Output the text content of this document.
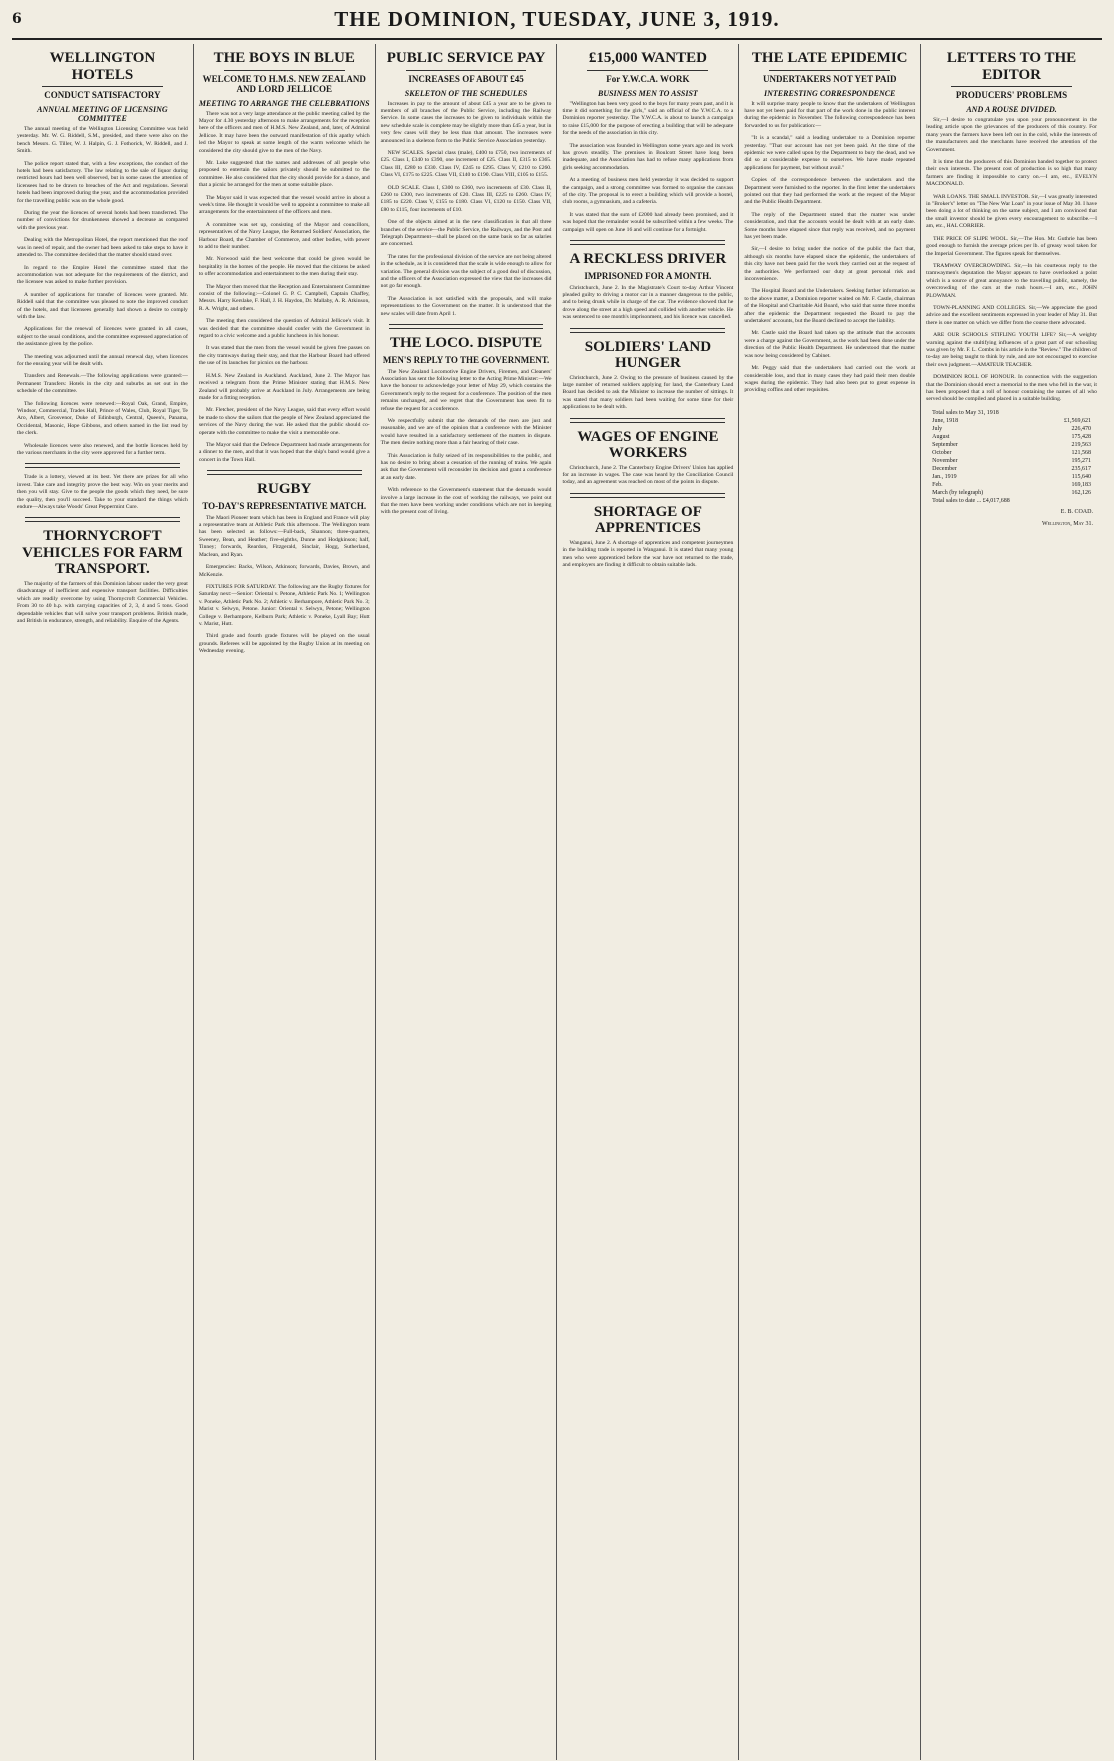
6	THE DOMINION, TUESDAY, JUNE 3, 1919.
WELLINGTON HOTELS
CONDUCT SATISFACTORY
ANNUAL MEETING OF LICENSING COMMITTEE

The annual meeting of the Wellington Licensing Committee was held yesterday. Mr. W. G. Riddell, S.M., presided, and there were also on the bench Messrs. G. Tiller, W. J. Halpin, G. J. Fothorick, W. Riddell, and J. Smith.

The police report stated that, with a few exceptions, the conduct of the hotels had been satisfactory. The law relating to the sale of liquor during restricted hours had been well observed, but in some cases the attention of licensees had to be drawn to breaches of the Act and regulations. Several hotels had been improved during the year, and the accommodation provided for the travelling public was on the whole good.

During the year the licences of several hotels had been transferred. The number of convictions for drunkenness showed a decrease as compared with the previous year.

Dealing with the Metropolitan Hotel, the report mentioned that the roof was in need of repair, and the owner had been asked to take steps to have it attended to. The committee decided that the matter should stand over.

In regard to the Empire Hotel the committee stated that the accommodation was not adequate for the requirements of the district, and the licensee was asked to make further provision.

A number of applications for transfer of licences were granted. Mr. Riddell said that the committee was pleased to note the improved conduct of the hotels, and that licensees generally had shown a desire to comply with the law.

Applications for the renewal of licences were granted in all cases, subject to the usual conditions, and the committee expressed appreciation of the assistance given by the police.

The meeting was adjourned until the annual renewal day, when licences for the ensuing year will be dealt with.

Transfers and Renewals.—The following applications were granted:—Permanent Transfers: Hotels in the city and suburbs as set out in the schedule of the committee.

The following licences were renewed:—Royal Oak, Grand, Empire, Windsor, Commercial, Trades Hall, Prince of Wales, Club, Royal Tiger, Te Aro, Albert, Grosvenor, Duke of Edinburgh, Central, Queen's, Panama, Occidental, Masonic, Hope Gibbons, and others named in the list read by the clerk.

Wholesale licences were also renewed, and the bottle licences held by the various merchants in the city were approved for a further term.

Trade is a lottery, viewed at its best. Yet there are prizes for all who invest. Take care and integrity prove the best way. Win on your merits and then you will stay. Give to the people the goods which they need, be sure the quality, then you'll succeed. Take to your standard the things which endure—Always take Woods' Great Peppermint Cure.

THORNYCROFT VEHICLES FOR FARM TRANSPORT.

The majority of the farmers of this Dominion labour under the very great disadvantage of inefficient and expensive transport facilities. Difficulties which are readily overcome by using Thornycroft Commercial Vehicles. From 30 to 40 h.p. with carrying capacities of 2, 3, 4 and 5 tons. Good dependable vehicles that will solve your transport problems. British made, and British in endurance, strength, and reliability. Enquire of the Agents.

THE BOYS IN BLUE
WELCOME TO H.M.S. NEW ZEALAND AND LORD JELLICOE
MEETING TO ARRANGE THE CELEBRATIONS

There was not a very large attendance at the public meeting called by the Mayor for 4.30 yesterday afternoon to make arrangements for the reception here of the officers and men of H.M.S. New Zealand, and, later, of Admiral Jellicoe. It may have been the outward manifestation of this apathy which led the Mayor to speak at some length of the warm welcome which he considered the city should give to the men of the Navy.

Mr. Luke suggested that the names and addresses of all people who proposed to entertain the sailors privately should be submitted to the committee. He also considered that the city should provide for a dance, and that a picnic be arranged for the men at some suitable place.

The Mayor said it was expected that the vessel would arrive in about a week's time. He thought it would be well to appoint a committee to make all arrangements for the entertainment of the officers and men.

A committee was set up, consisting of the Mayor and councillors, representatives of the Navy League, the Returned Soldiers' Association, the Harbour Board, the Chamber of Commerce, and other bodies, with power to add to their number.

Mr. Norwood said the best welcome that could be given would be hospitality in the homes of the people. He moved that the citizens be asked to offer accommodation and entertainment to the men during their stay.

The Mayor then moved that the Reception and Entertainment Committee consist of the following:—Colonel G. P. C. Campbell, Captain Chaffey, Messrs. Harry Kerslake, F. Hall, J. H. Haydon, Dr. Mallaby, A. R. Atkinson, R. A. Wright, and others.

The meeting then considered the question of Admiral Jellicoe's visit. It was decided that the committee should confer with the Government in regard to a civic welcome and a public luncheon in his honour.

It was stated that the men from the vessel would be given free passes on the city tramways during their stay, and that the Harbour Board had offered the use of its launches for picnics on the harbour.

H.M.S. New Zealand in Auckland. Auckland, June 2. The Mayor has received a telegram from the Prime Minister stating that H.M.S. New Zealand will probably arrive at Auckland in July. Arrangements are being made for a fitting reception.

Mr. Fletcher, president of the Navy League, said that every effort would be made to show the sailors that the people of New Zealand appreciated the services of the Navy during the war. He asked that the public should co-operate with the committee to make the visit a memorable one.

The Mayor said that the Defence Department had made arrangements for a dinner to the men, and that it was hoped that the ship's band would give a concert in the Town Hall.

RUGBY
TO-DAY'S REPRESENTATIVE MATCH.

The Maori Pioneer team which has been in England and France will play a representative team at Athletic Park this afternoon. The Wellington team has been selected as follows:—Full-back, Shannon; three-quarters, Sweeney, Bean, and Heather; five-eighths, Dunne and Hodgkinson; half, Tinney; forwards, Reardon, Fitzgerald, Sinclair, Hogg, Sutherland, Maclean, and Ryan.

Emergencies: Backs, Wilson, Atkinson; forwards, Davies, Brown, and McKenzie.

FIXTURES FOR SATURDAY. The following are the Rugby fixtures for Saturday next:—Senior: Oriental v. Petone, Athletic Park No. 1; Wellington v. Poneke, Athletic Park No. 2; Athletic v. Berhampore, Athletic Park No. 3; Marist v. Selwyn, Petone. Junior: Oriental v. Selwyn, Petone; Wellington College v. Berhampore, Kelburn Park; Athletic v. Poneke, Lyall Bay; Hutt v. Marist, Hutt.

Third grade and fourth grade fixtures will be played on the usual grounds. Referees will be appointed by the Rugby Union at its meeting on Wednesday evening.

PUBLIC SERVICE PAY
INCREASES OF ABOUT £45
SKELETON OF THE SCHEDULES

Increases in pay to the amount of about £45 a year are to be given to members of all branches of the Public Service, including the Railway Service. In some cases the increases to be given to individuals within the new schedule scale is complete may be slightly more than £45 a year, but in very few cases will they be less than that amount. The increases were announced in a skeleton form to the Public Service Association yesterday.

NEW SCALES. Special class (male), £400 to £750, two increments of £25. Class I, £340 to £390, one increment of £25. Class II, £315 to £365. Class III, £280 to £330. Class IV, £245 to £295. Class V, £210 to £260. Class VI, £175 to £225. Class VII, £140 to £190. Class VIII, £105 to £155.

OLD SCALE. Class I, £300 to £360, two increments of £30. Class II, £260 to £300, two increments of £20. Class III, £225 to £260. Class IV, £185 to £220. Class V, £155 to £180. Class VI, £120 to £150. Class VII, £80 to £115, four increments of £10.

One of the objects aimed at in the new classification is that all three branches of the service—the Public Service, the Railways, and the Post and Telegraph Department—shall be placed on the same basis so far as salaries are concerned.

The rates for the professional division of the service are not being altered in the schedule, as it is considered that the scale is wide enough to allow for variation. The general division was the subject of a good deal of discussion, and the officers of the Association expressed the view that the increases did not go far enough.

The Association is not satisfied with the proposals, and will make representations to the Government on the matter. It is understood that the new scales will date from April 1.

THE LOCO. DISPUTE
MEN'S REPLY TO THE GOVERNMENT.

The New Zealand Locomotive Engine Drivers, Firemen, and Cleaners' Association has sent the following letter to the Acting Prime Minister:—We have the honour to acknowledge your letter of May 29, which contains the Government's reply to the request for a conference. The position of the men remains unchanged, and we regret that the Government has seen fit to refuse the request for a conference.

We respectfully submit that the demands of the men are just and reasonable, and we are of the opinion that a conference with the Minister would have resulted in a satisfactory settlement of the matters in dispute. The men desire nothing more than a fair hearing of their case.

This Association is fully seized of its responsibilities to the public, and has no desire to bring about a cessation of the running of trains. We again ask that the Government will reconsider its decision and grant a conference at an early date.

With reference to the Government's statement that the demands would involve a large increase in the cost of working the railways, we point out that the men have been working under conditions which are not in keeping with the present cost of living.

£15,000 WANTED
For Y.W.C.A. WORK
BUSINESS MEN TO ASSIST

"Wellington has been very good to the boys for many years past, and it is time it did something for the girls," said an official of the Y.W.C.A. to a Dominion reporter yesterday. The Y.W.C.A. is about to launch a campaign to raise £15,000 for the purpose of erecting a building that will be adequate for the needs of the association in this city.

The association was founded in Wellington some years ago and its work has grown steadily. The premises in Boulcott Street have long been inadequate, and the Association has had to refuse many applications from girls seeking accommodation.

At a meeting of business men held yesterday it was decided to support the campaign, and a strong committee was formed to organise the canvass of the city. The proposal is to erect a building which will provide a hostel, club rooms, a gymnasium, and a cafeteria.

It was stated that the sum of £2000 had already been promised, and it was hoped that the remainder would be subscribed within a few weeks. The campaign will open on June 16 and will continue for a fortnight.

A RECKLESS DRIVER
IMPRISONED FOR A MONTH.

Christchurch, June 2. In the Magistrate's Court to-day Arthur Vincent pleaded guilty to driving a motor car in a manner dangerous to the public, and to being drunk while in charge of the car. The evidence showed that he drove along the street at a high speed and collided with another vehicle. He was sentenced to one month's imprisonment, and his licence was cancelled.

SOLDIERS' LAND HUNGER

Christchurch, June 2. Owing to the pressure of business caused by the large number of returned soldiers applying for land, the Canterbury Land Board has decided to ask the Minister to increase the number of sittings. It was stated that many soldiers had been waiting for some time for their applications to be dealt with.

WAGES OF ENGINE WORKERS

Christchurch, June 2. The Canterbury Engine Drivers' Union has applied for an increase in wages. The case was heard by the Conciliation Council today, and an agreement was reached on most of the points in dispute.

SHORTAGE OF APPRENTICES

Wanganui, June 2. A shortage of apprentices and competent journeymen in the building trade is reported in Wanganui. It is stated that many young men who were apprenticed before the war have not returned to the trade, and employers are finding it difficult to obtain suitable lads.

THE LATE EPIDEMIC
UNDERTAKERS NOT YET PAID
INTERESTING CORRESPONDENCE

It will surprise many people to know that the undertakers of Wellington have not yet been paid for that part of the work done in the public interest during the epidemic in November. The following correspondence has been forwarded to us for publication:—

"It is a scandal," said a leading undertaker to a Dominion reporter yesterday. "That our account has not yet been paid. At the time of the epidemic we were called upon by the Department to bury the dead, and we did so at considerable expense to ourselves. We have made repeated applications for payment, but without avail."

Copies of the correspondence between the undertakers and the Department were furnished to the reporter. In the first letter the undertakers pointed out that they had performed the work at the request of the Mayor and the Public Health Department.

The reply of the Department stated that the matter was under consideration, and that the accounts would be dealt with at an early date. Some months have elapsed since that reply was received, and no payment has yet been made.

Sir,—I desire to bring under the notice of the public the fact that, although six months have elapsed since the epidemic, the undertakers of this city have not been paid for the work they carried out at the request of the authorities. We performed our duty at great personal risk and inconvenience.

The Hospital Board and the Undertakers. Seeking further information as to the above matter, a Dominion reporter waited on Mr. F. Castle, chairman of the Hospital and Charitable Aid Board, who said that some three months after the epidemic the Department requested the Board to pay the undertakers' accounts, but the Board declined to accept the liability.

Mr. Castle said the Board had taken up the attitude that the accounts were a charge against the Government, as the work had been done under the direction of the Public Health Department. He understood that the matter was now being considered by Cabinet.

Mr. Peggy said that the undertakers had carried out the work at considerable loss, and that in many cases they had paid their men double wages during the epidemic. They had also been put to great expense in providing coffins and other requisites.

LETTERS TO THE EDITOR
PRODUCERS' PROBLEMS
AND A ROUSE DIVIDED.

Sir,—I desire to congratulate you upon your pronouncement in the leading article upon the grievances of the producers of this country. For many years the farmers have been left out in the cold, while the interests of the manufacturers and the merchants have received the attention of the Government.

It is time that the producers of this Dominion banded together to protect their own interests. The present cost of production is so high that many farmers are finding it impossible to carry on.—I am, etc., EVELYN MACDONALD.

WAR LOANS. THE SMALL INVESTOR. Sir,—I was greatly interested in "Broker's" letter on "The New War Loan" in your issue of May 30. I have been doing a lot of thinking on the same subject, and I am convinced that the small investor should be given every encouragement to subscribe.—I am, etc., HAL CORRIER.

THE PRICE OF SLIPE WOOL. Sir,—The Hon. Mr. Guthrie has been good enough to furnish the average prices per lb. of greasy wool taken for the Imperial Government. The figures speak for themselves.

TRAMWAY OVERCROWDING. Sir,—In his courteous reply to the tramwaymen's deputation the Mayor appears to have overlooked a point which is a source of great annoyance to the travelling public, namely, the overcrowding of the cars at the rush hours.—I am, etc., JOHN PLOWMAN.

TOWN-PLANNING AND COLLEGES. Sir,—We appreciate the good advice and the excellent sentiments expressed in your leader of May 31. But there is one matter on which we differ from the course there advocated.

ARE OUR SCHOOLS STIFLING YOUTH LIFE? Sir,—A weighty warning against the stultifying influences of a great part of our schooling was given by Mr. F. L. Combs in his article in the "Review." The children of to-day are being taught to think by rule, and are not encouraged to exercise their own judgment.—AMATEUR TEACHER.

DOMINION ROLL OF HONOUR. In connection with the suggestion that the Dominion should erect a memorial to the men who fell in the war, it has been proposed that a roll of honour containing the names of all who served should be compiled and placed in a suitable building.

Total sales to May 31, 1918
June, 1918	£1,569,621
July	226,470
August	175,428
September	219,563
October	121,568
November	195,271
December	235,617
Jan., 1919	115,640
Feb.	169,183
March (by telegraph)	162,126
Total sales to date ... £4,017,688
E. B. COAD.
Wellington, May 31.
